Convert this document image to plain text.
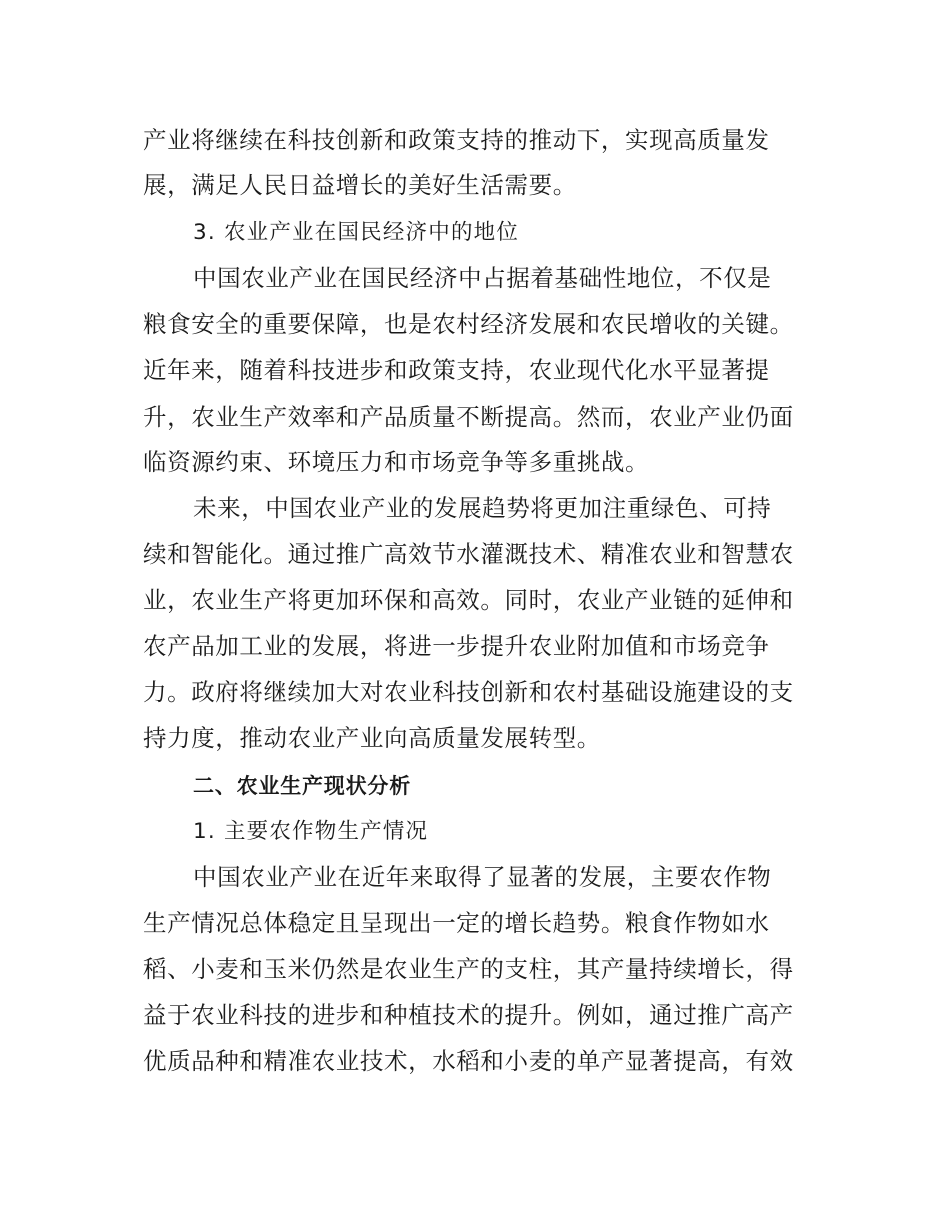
产业将继续在科技创新和政策支持的推动下，实现高质量发
展，满足人民日益增长的美好生活需要。
3. 农业产业在国民经济中的地位
中国农业产业在国民经济中占据着基础性地位，不仅是
粮食安全的重要保障，也是农村经济发展和农民增收的关键。
近年来，随着科技进步和政策支持，农业现代化水平显著提
升，农业生产效率和产品质量不断提高。然而，农业产业仍面
临资源约束、环境压力和市场竞争等多重挑战。
未来，中国农业产业的发展趋势将更加注重绿色、可持
续和智能化。通过推广高效节水灌溉技术、精准农业和智慧农
业，农业生产将更加环保和高效。同时，农业产业链的延伸和
农产品加工业的发展，将进一步提升农业附加值和市场竞争
力。政府将继续加大对农业科技创新和农村基础设施建设的支
持力度，推动农业产业向高质量发展转型。
二、农业生产现状分析
1. 主要农作物生产情况
中国农业产业在近年来取得了显著的发展，主要农作物
生产情况总体稳定且呈现出一定的增长趋势。粮食作物如水
稻、小麦和玉米仍然是农业生产的支柱，其产量持续增长，得
益于农业科技的进步和种植技术的提升。例如，通过推广高产
优质品种和精准农业技术，水稻和小麦的单产显著提高，有效
